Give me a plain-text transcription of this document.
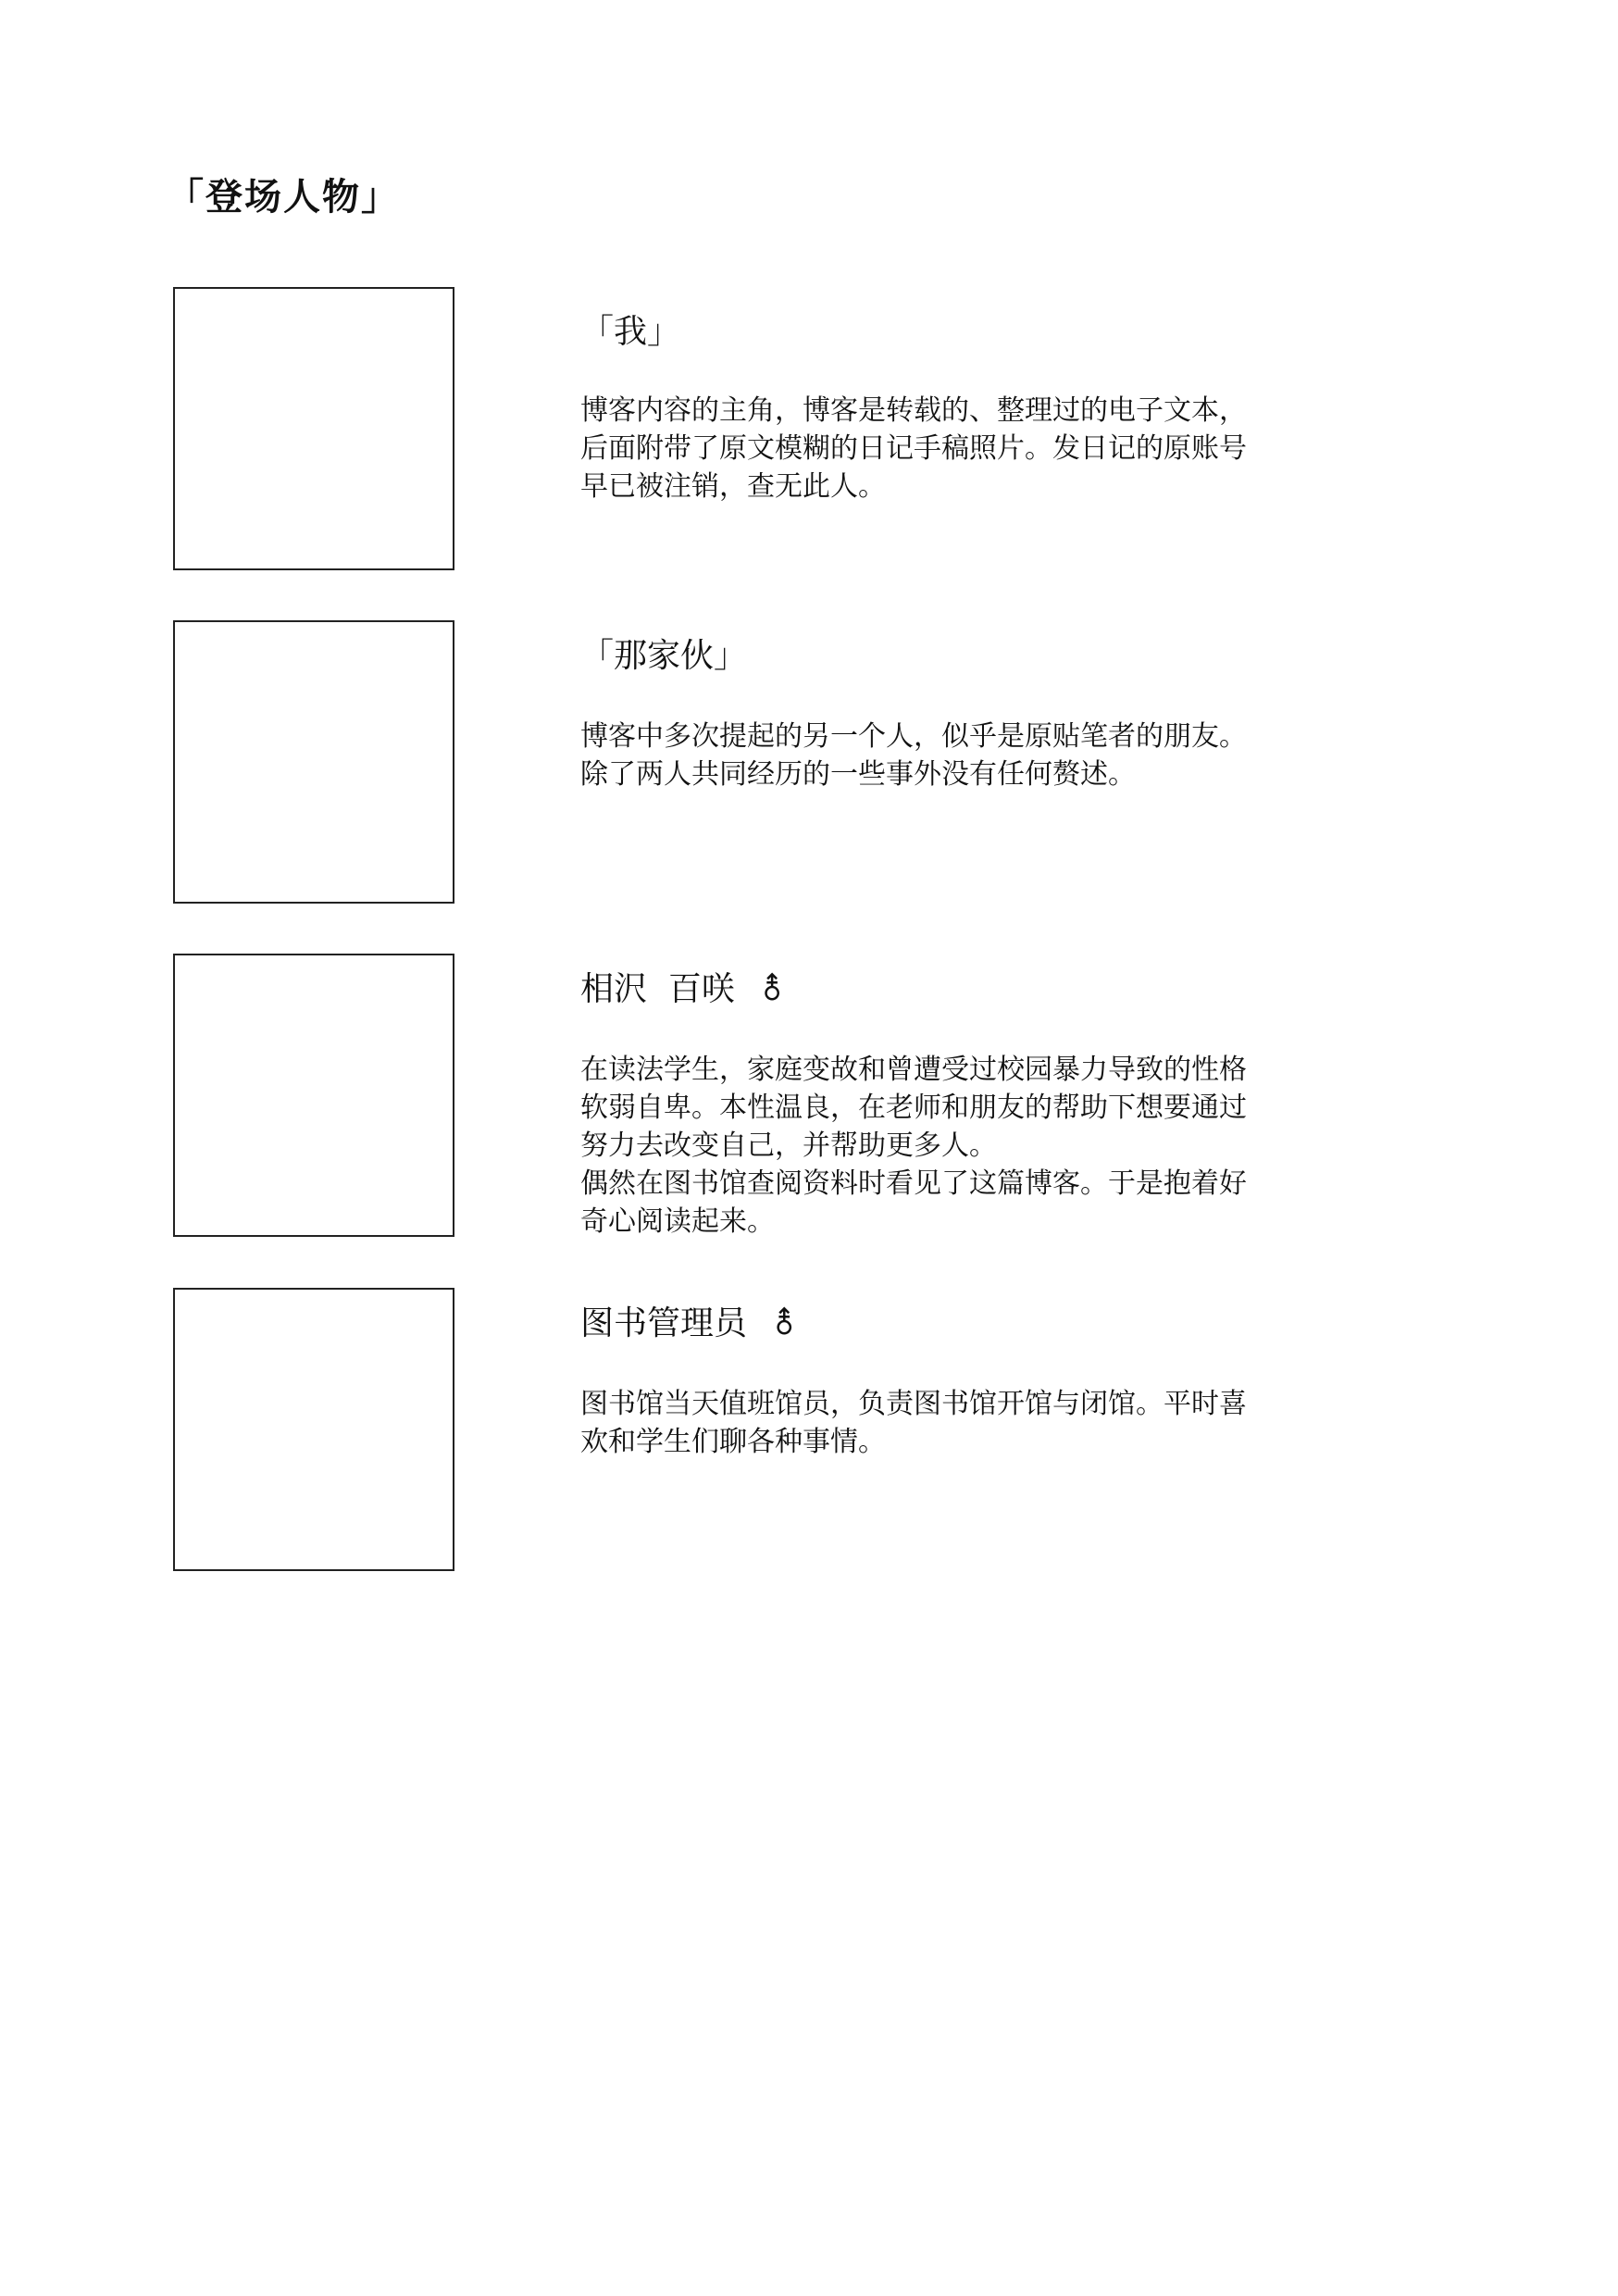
「登场人物」
「我」
博客内容的主角，博客是转载的、整理过的电子文本，
后面附带了原文模糊的日记手稿照片。发日记的原账号
早已被注销，查无此人。
「那家伙」
博客中多次提起的另一个人，似乎是原贴笔者的朋友。
除了两人共同经历的一些事外没有任何赘述。
相沢  百咲 ⚨
在读法学生，家庭变故和曾遭受过校园暴力导致的性格
软弱自卑。本性温良，在老师和朋友的帮助下想要通过
努力去改变自己，并帮助更多人。
偶然在图书馆查阅资料时看见了这篇博客。于是抱着好
奇心阅读起来。
图书管理员 ⚨
图书馆当天值班馆员，负责图书馆开馆与闭馆。平时喜
欢和学生们聊各种事情。
